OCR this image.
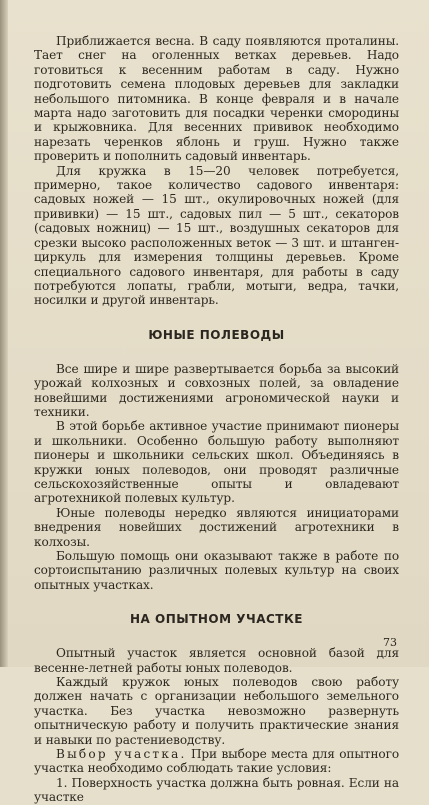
Приближается весна. В саду появляются проталины. Тает снег на оголенных ветках деревьев. Надо готовиться к весенним работам в саду. Нужно подготовить семена плодовых деревьев для закладки небольшого питомника. В конце февраля и в начале марта надо заготовить для посадки черенки смородины и крыжовника. Для весенних прививок необходимо нарезать черенков яблонь и груш. Нужно также проверить и пополнить садовый инвентарь.

Для кружка в 15—20 человек потребуется, примерно, такое количество садового инвентаря: садовых ножей — 15 шт., окулировочных ножей (для прививки) — 15 шт., садовых пил — 5 шт., секаторов (садовых ножниц) — 15 шт., воздушных секаторов для срезки высоко расположенных веток — 3 шт. и штанген-циркуль для измерения толщины деревьев. Кроме специального садового инвентаря, для работы в саду потребуются лопаты, грабли, мотыги, ведра, тачки, носилки и другой инвентарь.

ЮНЫЕ ПОЛЕВОДЫ

Все шире и шире развертывается борьба за высокий урожай колхозных и совхозных полей, за овладение новейшими достижениями агрономической науки и техники.

В этой борьбе активное участие принимают пионеры и школьники. Особенно большую работу выполняют пионеры и школьники сельских школ. Объединяясь в кружки юных полеводов, они проводят различные сельскохозяйственные опыты и овладевают агротехникой полевых культур.

Юные полеводы нередко являются инициаторами внедрения новейших достижений агротехники в колхозы.

Большую помощь они оказывают также в работе по сортоиспытанию различных полевых культур на своих опытных участках.

НА ОПЫТНОМ УЧАСТКЕ

Опытный участок является основной базой для весенне-летней работы юных полеводов.

Каждый кружок юных полеводов свою работу должен начать с организации небольшого земельного участка. Без участка невозможно развернуть опытническую работу и получить практические знания и навыки по растениеводству.

Выбор участка. При выборе места для опытного участка необходимо соблюдать такие условия:

1. Поверхность участка должна быть ровная. Если на участке

73
